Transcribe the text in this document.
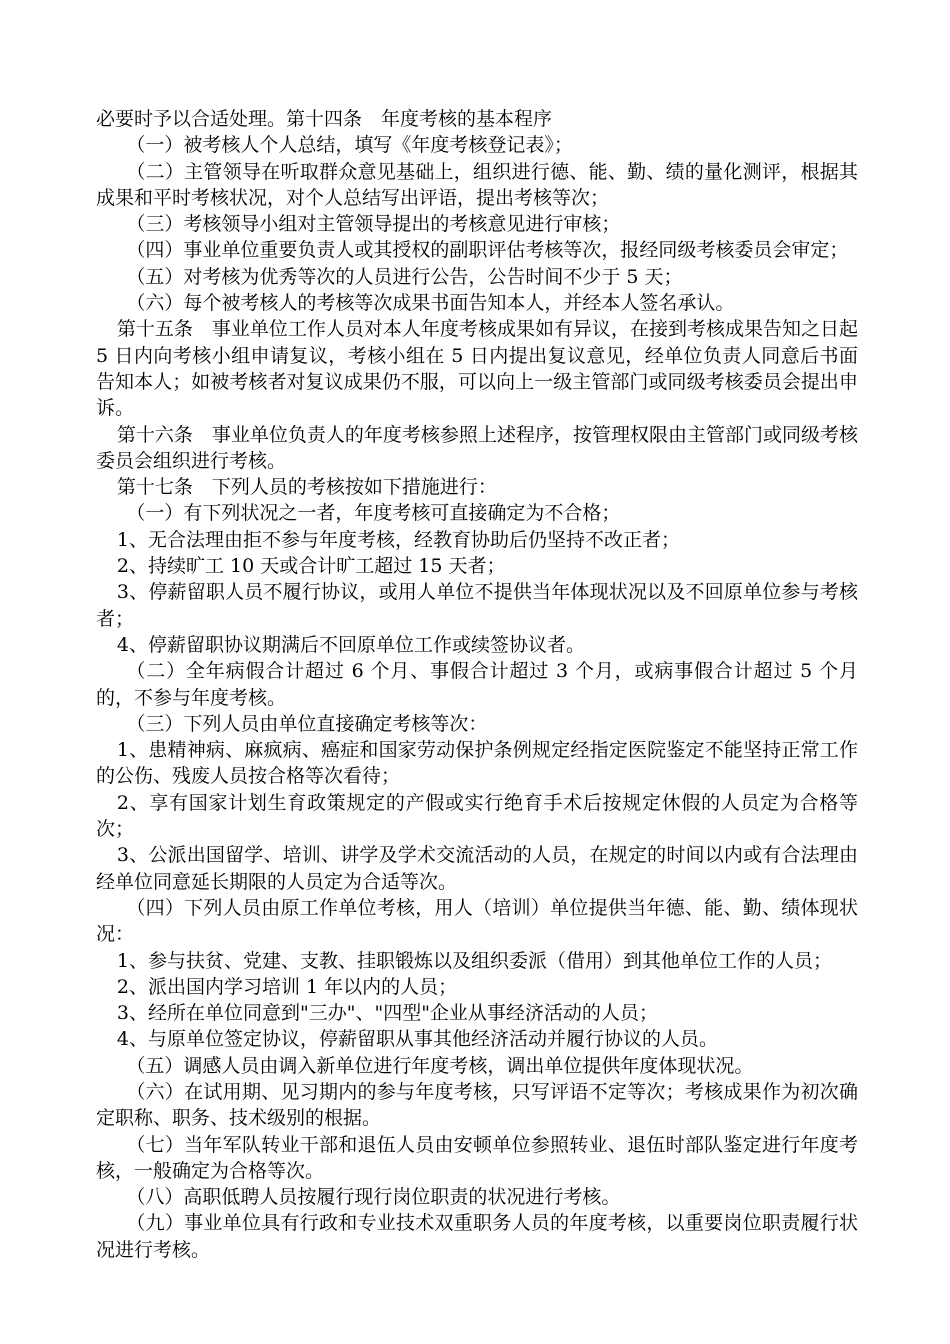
必要时予以合适处理。第十四条　年度考核的基本程序

（一）被考核人个人总结，填写《年度考核登记表》；

（二）主管领导在听取群众意见基础上，组织进行德、能、勤、绩的量化测评，根据其成果和平时考核状况，对个人总结写出评语，提出考核等次；

（三）考核领导小组对主管领导提出的考核意见进行审核；

（四）事业单位重要负责人或其授权的副职评估考核等次，报经同级考核委员会审定；

（五）对考核为优秀等次的人员进行公告，公告时间不少于 5 天；

（六）每个被考核人的考核等次成果书面告知本人，并经本人签名承认。

第十五条　事业单位工作人员对本人年度考核成果如有异议，在接到考核成果告知之日起 5 日内向考核小组申请复议，考核小组在 5 日内提出复议意见，经单位负责人同意后书面告知本人；如被考核者对复议成果仍不服，可以向上一级主管部门或同级考核委员会提出申诉。

第十六条　事业单位负责人的年度考核参照上述程序，按管理权限由主管部门或同级考核委员会组织进行考核。

第十七条　下列人员的考核按如下措施进行：

（一）有下列状况之一者，年度考核可直接确定为不合格；

1、无合法理由拒不参与年度考核，经教育协助后仍坚持不改正者；

2、持续旷工 10 天或合计旷工超过 15 天者；

3、停薪留职人员不履行协议，或用人单位不提供当年体现状况以及不回原单位参与考核者；

4、停薪留职协议期满后不回原单位工作或续签协议者。

（二）全年病假合计超过 6 个月、事假合计超过 3 个月，或病事假合计超过 5 个月的，不参与年度考核。

（三）下列人员由单位直接确定考核等次：

1、患精神病、麻疯病、癌症和国家劳动保护条例规定经指定医院鉴定不能坚持正常工作的公伤、残废人员按合格等次看待；

2、享有国家计划生育政策规定的产假或实行绝育手术后按规定休假的人员定为合格等次；

3、公派出国留学、培训、讲学及学术交流活动的人员，在规定的时间以内或有合法理由经单位同意延长期限的人员定为合适等次。

（四）下列人员由原工作单位考核，用人（培训）单位提供当年德、能、勤、绩体现状况：

1、参与扶贫、党建、支教、挂职锻炼以及组织委派（借用）到其他单位工作的人员；

2、派出国内学习培训 1 年以内的人员；

3、经所在单位同意到"三办"、"四型"企业从事经济活动的人员；

4、与原单位签定协议，停薪留职从事其他经济活动并履行协议的人员。

（五）调感人员由调入新单位进行年度考核，调出单位提供年度体现状况。

（六）在试用期、见习期内的参与年度考核，只写评语不定等次；考核成果作为初次确定职称、职务、技术级别的根据。

（七）当年军队转业干部和退伍人员由安顿单位参照转业、退伍时部队鉴定进行年度考核，一般确定为合格等次。

（八）高职低聘人员按履行现行岗位职责的状况进行考核。

（九）事业单位具有行政和专业技术双重职务人员的年度考核，以重要岗位职责履行状况进行考核。
